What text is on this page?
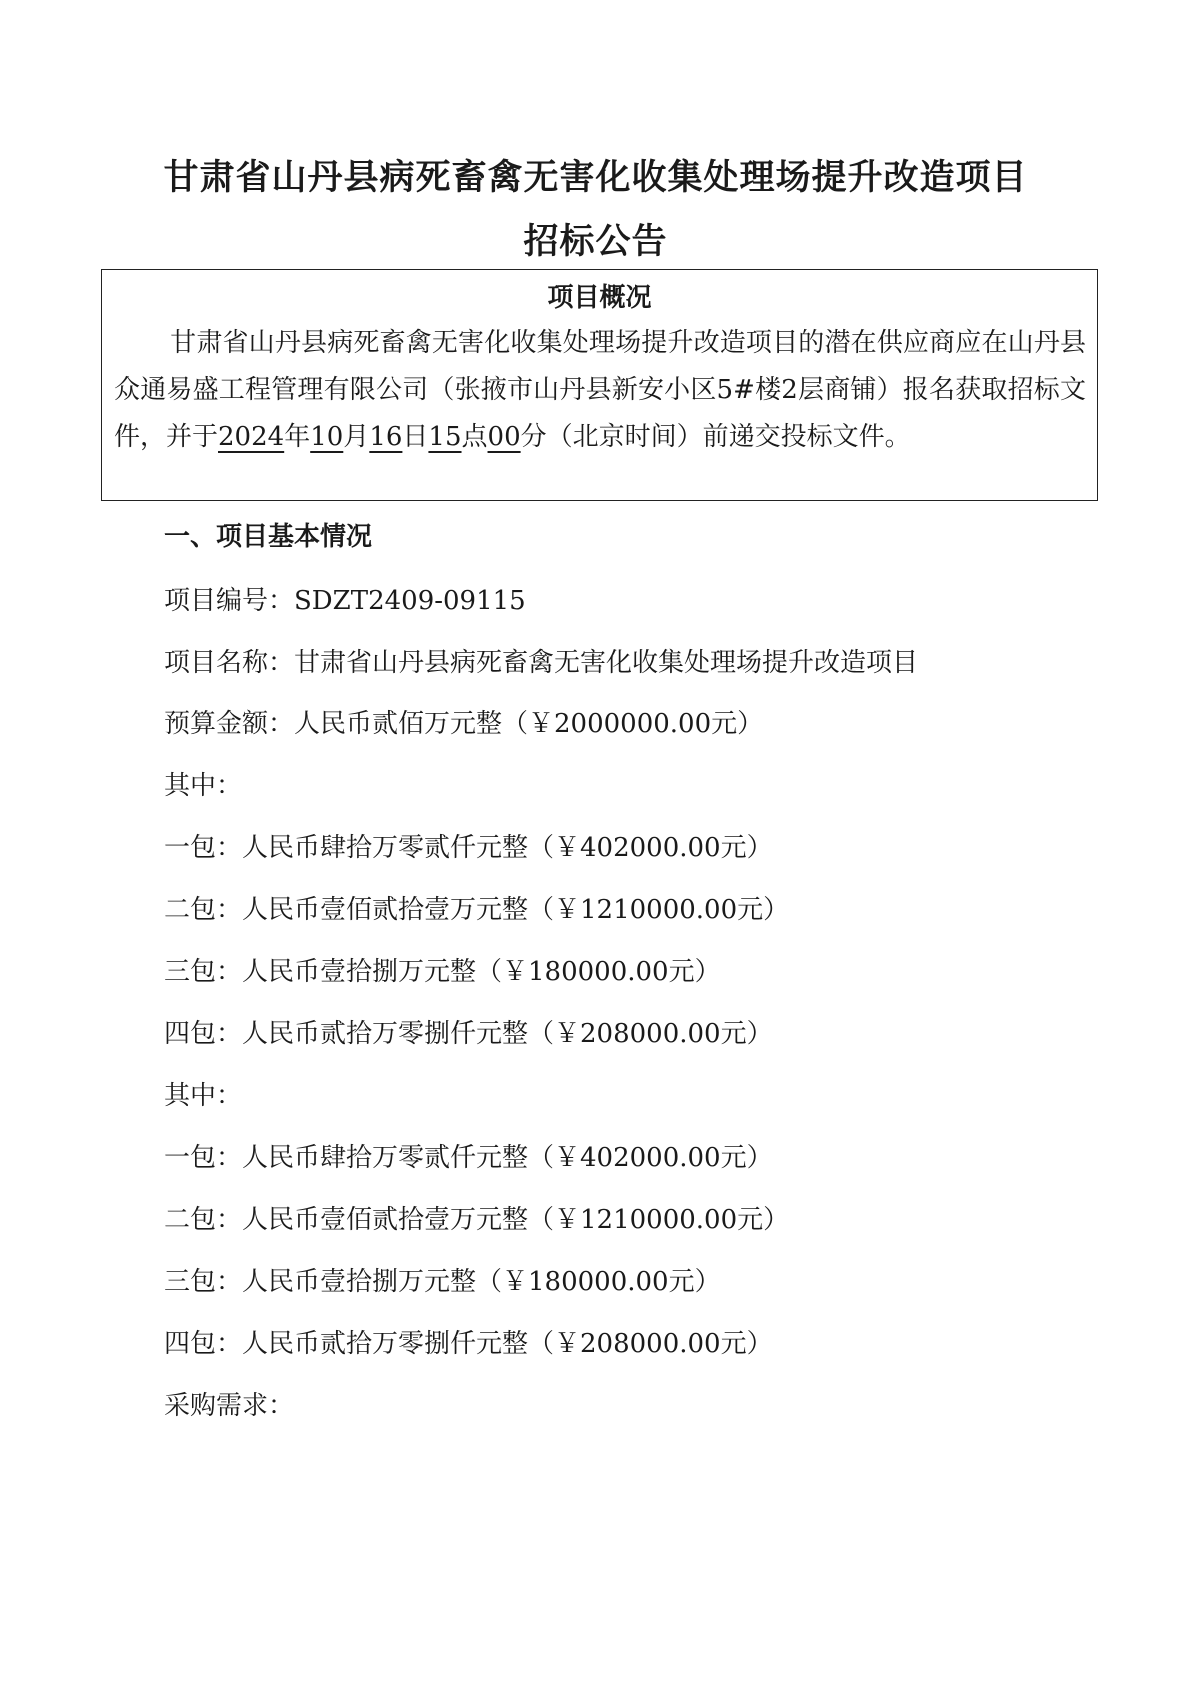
甘肃省山丹县病死畜禽无害化收集处理场提升改造项目
招标公告
项目概况
甘肃省山丹县病死畜禽无害化收集处理场提升改造项目的潜在供应商应在山丹县众通易盛工程管理有限公司（张掖市山丹县新安小区5#楼2层商铺）报名获取招标文件，并于2024年10月16日15点00分（北京时间）前递交投标文件。
一、项目基本情况
项目编号：SDZT2409-09115
项目名称：甘肃省山丹县病死畜禽无害化收集处理场提升改造项目
预算金额：人民币贰佰万元整（￥2000000.00元）
其中：
一包：人民币肆拾万零贰仟元整（￥402000.00元）
二包：人民币壹佰贰拾壹万元整（￥1210000.00元）
三包：人民币壹拾捌万元整（￥180000.00元）
四包：人民币贰拾万零捌仟元整（￥208000.00元）
其中：
一包：人民币肆拾万零贰仟元整（￥402000.00元）
二包：人民币壹佰贰拾壹万元整（￥1210000.00元）
三包：人民币壹拾捌万元整（￥180000.00元）
四包：人民币贰拾万零捌仟元整（￥208000.00元）
采购需求：
